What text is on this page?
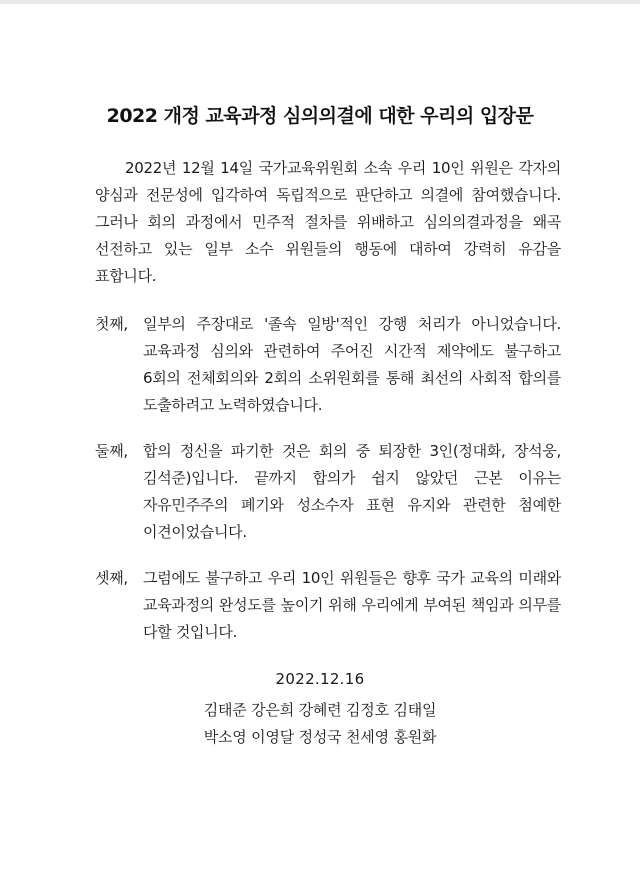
2022 개정 교육과정 심의의결에 대한 우리의 입장문

2022년 12월 14일 국가교육위원회 소속 우리 10인 위원은 각자의 양심과 전문성에 입각하여 독립적으로 판단하고 의결에 참여했습니다. 그러나 회의 과정에서 민주적 절차를 위배하고 심의의결과정을 왜곡 선전하고 있는 일부 소수 위원들의 행동에 대하여 강력히 유감을 표합니다.

첫째,	일부의 주장대로 '졸속 일방'적인 강행 처리가 아니었습니다. 교육과정 심의와 관련하여 주어진 시간적 제약에도 불구하고 6회의 전체회의와 2회의 소위원회를 통해 최선의 사회적 합의를 도출하려고 노력하였습니다.
둘째,	합의 정신을 파기한 것은 회의 중 퇴장한 3인(정대화, 장석웅, 김석준)입니다. 끝까지 합의가 쉽지 않았던 근본 이유는 자유민주주의 폐기와 성소수자 표현 유지와 관련한 첨예한 이견이었습니다.
셋째,	그럼에도 불구하고 우리 10인 위원들은 향후 국가 교육의 미래와 교육과정의 완성도를 높이기 위해 우리에게 부여된 책임과 의무를 다할 것입니다.
2022.12.16
김태준 강은희 강혜련 김정호 김태일
박소영 이영달 정성국 천세영 홍원화
